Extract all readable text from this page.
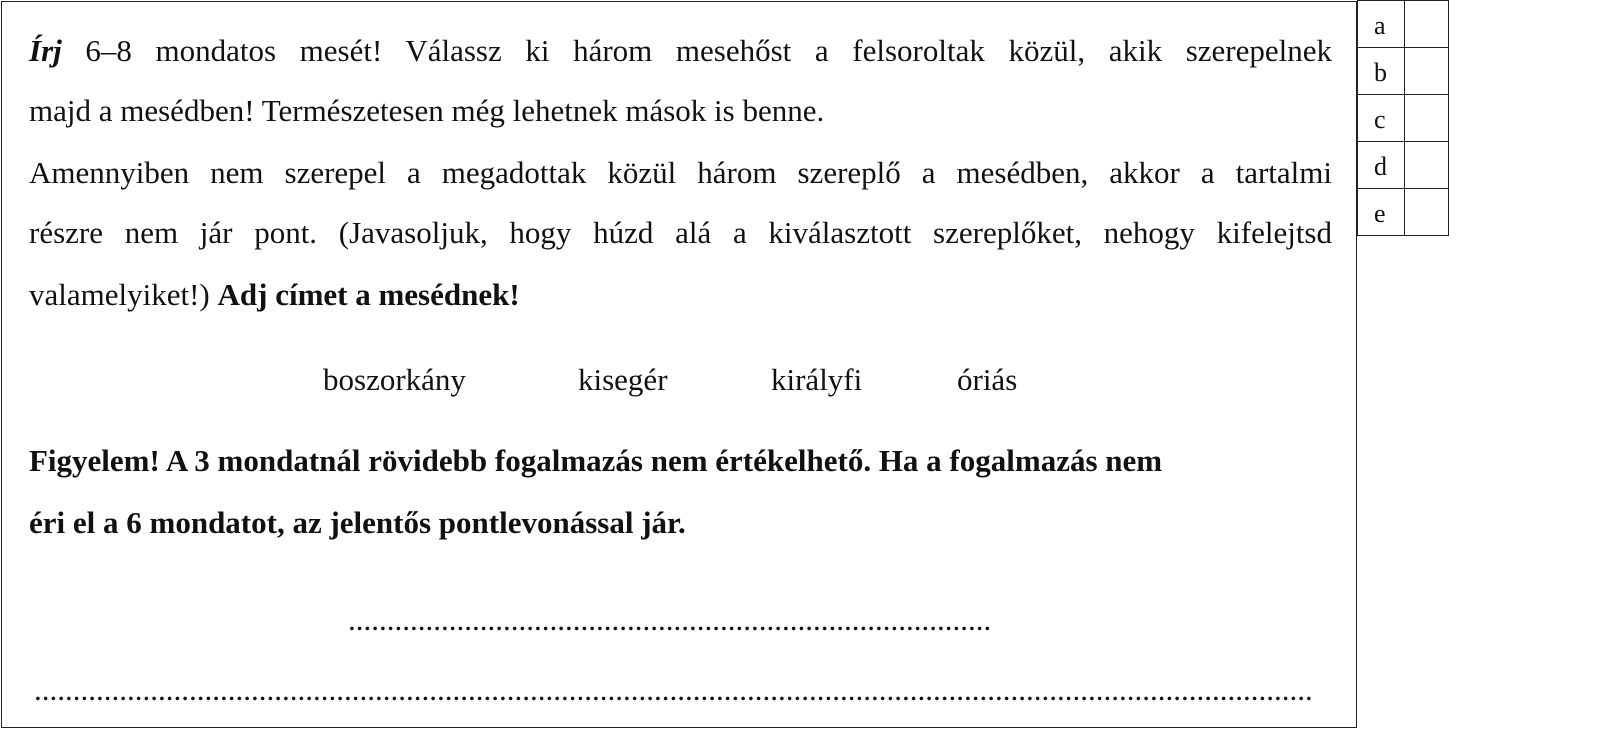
Írj 6–8 mondatos mesét! Válassz ki három mesehőst a felsoroltak közül, akik szerepelnek
majd a mesédben! Természetesen még lehetnek mások is benne.
Amennyiben nem szerepel a megadottak közül három szereplő a mesédben, akkor a tartalmi
részre nem jár pont. (Javasoljuk, hogy húzd alá a kiválasztott szereplőket, nehogy kifelejtsd
valamelyiket!) Adj címet a mesédnek!
boszorkány	kisegér	királyfi	óriás
Figyelem! A 3 mondatnál rövidebb fogalmazás nem értékelhető. Ha a fogalmazás nem
éri el a 6 mondatot, az jelentős pontlevonással jár.
...................................................................................
.....................................................................................................................................................................
a	
b	
c	
d	
e	
